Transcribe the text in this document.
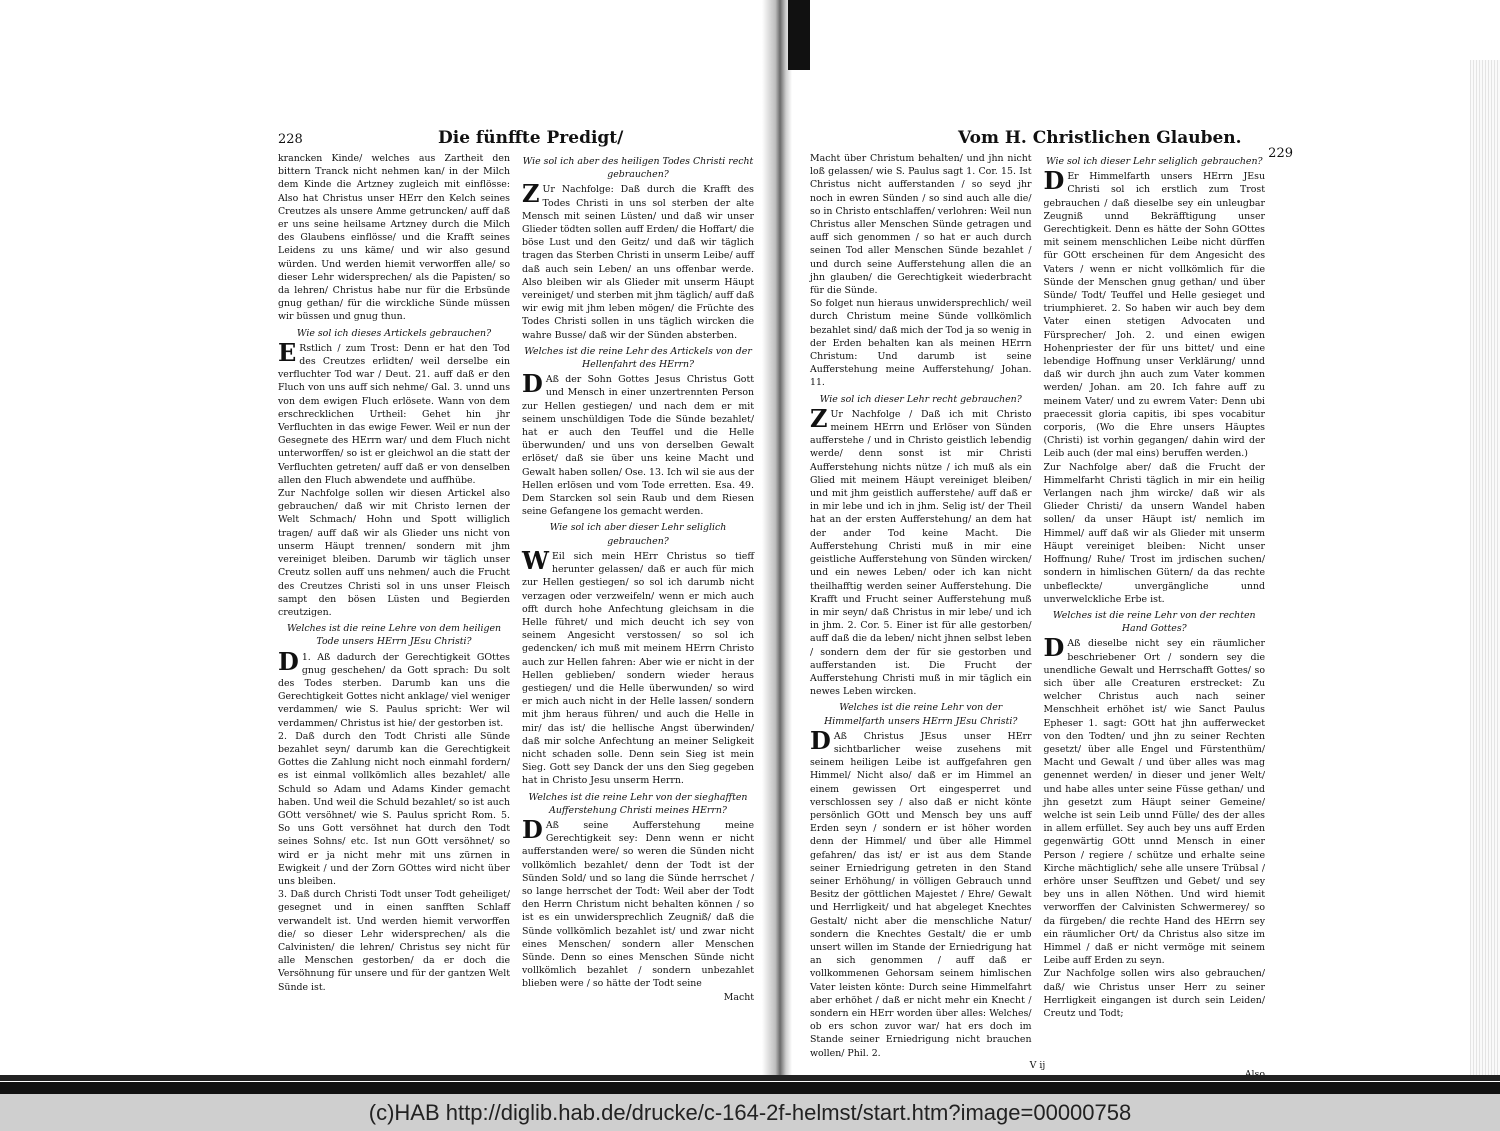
228	Die fünffte Predigt/

krancken Kinde/ welches aus Zartheit den bittern Tranck nicht nehmen kan/ in der Milch dem Kinde die Artzney zugleich mit einflösse: Also hat Christus unser HErr den Kelch seines Creutzes als unsere Amme getruncken/ auff daß er uns seine heilsame Artzney durch die Milch des Glaubens einflösse/ und die Krafft seines Leidens zu uns käme/ und wir also gesund würden. Und werden hiemit verworffen alle/ so dieser Lehr widersprechen/ als die Papisten/ so da lehren/ Christus habe nur für die Erbsünde gnug gethan/ für die wirckliche Sünde müssen wir büssen und gnug thun.

Wie sol ich dieses Artickels gebrauchen?

E Rstlich / zum Trost: Denn er hat den Tod des Creutzes erlidten/ weil derselbe ein verfluchter Tod war / Deut. 21. auff daß er den Fluch von uns auff sich nehme/ Gal. 3. unnd uns von dem ewigen Fluch erlösete. Wann von dem erschrecklichen Urtheil: Gehet hin jhr Verfluchten in das ewige Fewer. Weil er nun der Gesegnete des HErrn war/ und dem Fluch nicht unterworffen/ so ist er gleichwol an die statt der Verfluchten getreten/ auff daß er von denselben allen den Fluch abwendete und auffhübe.

Zur Nachfolge sollen wir diesen Artickel also gebrauchen/ daß wir mit Christo lernen der Welt Schmach/ Hohn und Spott williglich tragen/ auff daß wir als Glieder uns nicht von unserm Häupt trennen/ sondern mit jhm vereiniget bleiben. Darumb wir täglich unser Creutz sollen auff uns nehmen/ auch die Frucht des Creutzes Christi sol in uns unser Fleisch sampt den bösen Lüsten und Begierden creutzigen.

Welches ist die reine Lehre von dem heiligen Tode unsers HErrn JEsu Christi?

D 1. Aß dadurch der Gerechtigkeit GOttes gnug geschehen/ da Gott sprach: Du solt des Todes sterben. Darumb kan uns die Gerechtigkeit Gottes nicht anklage/ viel weniger verdammen/ wie S. Paulus spricht: Wer wil verdammen/ Christus ist hie/ der gestorben ist.

2. Daß durch den Todt Christi alle Sünde bezahlet seyn/ darumb kan die Gerechtigkeit Gottes die Zahlung nicht noch einmahl fordern/ es ist einmal vollkömlich alles bezahlet/ alle Schuld so Adam und Adams Kinder gemacht haben. Und weil die Schuld bezahlet/ so ist auch GOtt versöhnet/ wie S. Paulus spricht Rom. 5. So uns Gott versöhnet hat durch den Todt seines Sohns/ etc. Ist nun GOtt versöhnet/ so wird er ja nicht mehr mit uns zürnen in Ewigkeit / und der Zorn GOttes wird nicht über uns bleiben.

3. Daß durch Christi Todt unser Todt geheiliget/ gesegnet und in einen sanfften Schlaff verwandelt ist. Und werden hiemit verworffen die/ so dieser Lehr widersprechen/ als die Calvinisten/ die lehren/ Christus sey nicht für alle Menschen gestorben/ da er doch die Versöhnung für unsere und für der gantzen Welt Sünde ist.

Wie sol ich aber des heiligen Todes Christi recht gebrauchen?

Z Ur Nachfolge: Daß durch die Krafft des Todes Christi in uns sol sterben der alte Mensch mit seinen Lüsten/ und daß wir unser Glieder tödten sollen auff Erden/ die Hoffart/ die böse Lust und den Geitz/ und daß wir täglich tragen das Sterben Christi in unserm Leibe/ auff daß auch sein Leben/ an uns offenbar werde. Also bleiben wir als Glieder mit unserm Häupt vereiniget/ und sterben mit jhm täglich/ auff daß wir ewig mit jhm leben mögen/ die Früchte des Todes Christi sollen in uns täglich wircken die wahre Busse/ daß wir der Sünden absterben.

Welches ist die reine Lehr des Artickels von der Hellenfahrt des HErrn?

D Aß der Sohn Gottes Jesus Christus Gott und Mensch in einer unzertrennten Person zur Hellen gestiegen/ und nach dem er mit seinem unschüldigen Tode die Sünde bezahlet/ hat er auch den Teuffel und die Helle überwunden/ und uns von derselben Gewalt erlöset/ daß sie über uns keine Macht und Gewalt haben sollen/ Ose. 13. Ich wil sie aus der Hellen erlösen und vom Tode erretten. Esa. 49. Dem Starcken sol sein Raub und dem Riesen seine Gefangene los gemacht werden.

Wie sol ich aber dieser Lehr seliglich gebrauchen?

W Eil sich mein HErr Christus so tieff herunter gelassen/ daß er auch für mich zur Hellen gestiegen/ so sol ich darumb nicht verzagen oder verzweifeln/ wenn er mich auch offt durch hohe Anfechtung gleichsam in die Helle führet/ und mich deucht ich sey von seinem Angesicht verstossen/ so sol ich gedencken/ ich muß mit meinem HErrn Christo auch zur Hellen fahren: Aber wie er nicht in der Hellen geblieben/ sondern wieder heraus gestiegen/ und die Helle überwunden/ so wird er mich auch nicht in der Helle lassen/ sondern mit jhm heraus führen/ und auch die Helle in mir/ das ist/ die hellische Angst überwinden/ daß mir solche Anfechtung an meiner Seligkeit nicht schaden solle. Denn sein Sieg ist mein Sieg. Gott sey Danck der uns den Sieg gegeben hat in Christo Jesu unserm Herrn.

Welches ist die reine Lehr von der sieghafften Aufferstehung Christi meines HErrn?

D Aß seine Aufferstehung meine Gerechtigkeit sey: Denn wenn er nicht aufferstanden were/ so weren die Sünden nicht vollkömlich bezahlet/ denn der Todt ist der Sünden Sold/ und so lang die Sünde herrschet / so lange herrschet der Todt: Weil aber der Todt den Herrn Christum nicht behalten können / so ist es ein unwidersprechlich Zeugniß/ daß die Sünde vollkömlich bezahlet ist/ und zwar nicht eines Menschen/ sondern aller Menschen Sünde. Denn so eines Menschen Sünde nicht vollkömlich bezahlet / sondern unbezahlet blieben were / so hätte der Todt seine

Macht
Vom H. Christlichen Glauben.
229

Macht über Christum behalten/ und jhn nicht loß gelassen/ wie S. Paulus sagt 1. Cor. 15. Ist Christus nicht aufferstanden / so seyd jhr noch in ewren Sünden / so sind auch alle die/ so in Christo entschlaffen/ verlohren: Weil nun Christus aller Menschen Sünde getragen und auff sich genommen / so hat er auch durch seinen Tod aller Menschen Sünde bezahlet / und durch seine Aufferstehung allen die an jhn glauben/ die Gerechtigkeit wiederbracht für die Sünde.

So folget nun hieraus unwidersprechlich/ weil durch Christum meine Sünde vollkömlich bezahlet sind/ daß mich der Tod ja so wenig in der Erden behalten kan als meinen HErrn Christum: Und darumb ist seine Aufferstehung meine Aufferstehung/ Johan. 11.

Wie sol ich dieser Lehr recht gebrauchen?

Z Ur Nachfolge / Daß ich mit Christo meinem HErrn und Erlöser von Sünden aufferstehe / und in Christo geistlich lebendig werde/ denn sonst ist mir Christi Aufferstehung nichts nütze / ich muß als ein Glied mit meinem Häupt vereiniget bleiben/ und mit jhm geistlich aufferstehe/ auff daß er in mir lebe und ich in jhm. Selig ist/ der Theil hat an der ersten Aufferstehung/ an dem hat der ander Tod keine Macht. Die Aufferstehung Christi muß in mir eine geistliche Aufferstehung von Sünden wircken/ und ein newes Leben/ oder ich kan nicht theilhafftig werden seiner Aufferstehung. Die Krafft und Frucht seiner Aufferstehung muß in mir seyn/ daß Christus in mir lebe/ und ich in jhm. 2. Cor. 5. Einer ist für alle gestorben/ auff daß die da leben/ nicht jhnen selbst leben / sondern dem der für sie gestorben und aufferstanden ist. Die Frucht der Aufferstehung Christi muß in mir täglich ein newes Leben wircken.

Welches ist die reine Lehr von der Himmelfarth unsers HErrn JEsu Christi?

D Aß Christus JEsus unser HErr sichtbarlicher weise zusehens mit seinem heiligen Leibe ist auffgefahren gen Himmel/ Nicht also/ daß er im Himmel an einem gewissen Ort eingesperret und verschlossen sey / also daß er nicht könte persönlich GOtt und Mensch bey uns auff Erden seyn / sondern er ist höher worden denn der Himmel/ und über alle Himmel gefahren/ das ist/ er ist aus dem Stande seiner Erniedrigung getreten in den Stand seiner Erhöhung/ in völligen Gebrauch unnd Besitz der göttlichen Majestet / Ehre/ Gewalt und Herrligkeit/ und hat abgeleget Knechtes Gestalt/ nicht aber die menschliche Natur/ sondern die Knechtes Gestalt/ die er umb unsert willen im Stande der Erniedrigung hat an sich genommen / auff daß er vollkommenen Gehorsam seinem himlischen Vater leisten könte: Durch seine Himmelfahrt aber erhöhet / daß er nicht mehr ein Knecht / sondern ein HErr worden über alles: Welches/ ob ers schon zuvor war/ hat ers doch im Stande seiner Erniedrigung nicht brauchen wollen/ Phil. 2.

Wie sol ich dieser Lehr seliglich gebrauchen?

D Er Himmelfarth unsers HErrn JEsu Christi sol ich erstlich zum Trost gebrauchen / daß dieselbe sey ein unleugbar Zeugniß unnd Bekräfftigung unser Gerechtigkeit. Denn es hätte der Sohn GOttes mit seinem menschlichen Leibe nicht dürffen für GOtt erscheinen für dem Angesicht des Vaters / wenn er nicht vollkömlich für die Sünde der Menschen gnug gethan/ und über Sünde/ Todt/ Teuffel und Helle gesieget und triumphieret. 2. So haben wir auch bey dem Vater einen stetigen Advocaten und Fürsprecher/ Joh. 2. und einen ewigen Hohenpriester der für uns bittet/ und eine lebendige Hoffnung unser Verklärung/ unnd daß wir durch jhn auch zum Vater kommen werden/ Johan. am 20. Ich fahre auff zu meinem Vater/ und zu ewrem Vater: Denn ubi praecessit gloria capitis, ibi spes vocabitur corporis, (Wo die Ehre unsers Häuptes (Christi) ist vorhin gegangen/ dahin wird der Leib auch (der mal eins) beruffen werden.)

Zur Nachfolge aber/ daß die Frucht der Himmelfarht Christi täglich in mir ein heilig Verlangen nach jhm wircke/ daß wir als Glieder Christi/ da unsern Wandel haben sollen/ da unser Häupt ist/ nemlich im Himmel/ auff daß wir als Glieder mit unserm Häupt vereiniget bleiben: Nicht unser Hoffnung/ Ruhe/ Trost im jrdischen suchen/ sondern in himlischen Gütern/ da das rechte unbefleckte/ unvergängliche unnd unverwelckliche Erbe ist.

Welches ist die reine Lehr von der rechten Hand Gottes?

D Aß dieselbe nicht sey ein räumlicher beschriebener Ort / sondern sey die unendliche Gewalt und Herrschafft Gottes/ so sich über alle Creaturen erstrecket: Zu welcher Christus auch nach seiner Menschheit erhöhet ist/ wie Sanct Paulus Epheser 1. sagt: GOtt hat jhn aufferwecket von den Todten/ und jhn zu seiner Rechten gesetzt/ über alle Engel und Fürstenthüm/ Macht und Gewalt / und über alles was mag genennet werden/ in dieser und jener Welt/ und habe alles unter seine Füsse gethan/ und jhn gesetzt zum Häupt seiner Gemeine/ welche ist sein Leib unnd Fülle/ des der alles in allem erfüllet. Sey auch bey uns auff Erden gegenwärtig GOtt unnd Mensch in einer Person / regiere / schütze und erhalte seine Kirche mächtiglich/ sehe alle unsere Trübsal / erhöre unser Seufftzen und Gebet/ und sey bey uns in allen Nöthen. Und wird hiemit verworffen der Calvinisten Schwermerey/ so da fürgeben/ die rechte Hand des HErrn sey ein räumlicher Ort/ da Christus also sitze im Himmel / daß er nicht vermöge mit seinem Leibe auff Erden zu seyn.

Zur Nachfolge sollen wirs also gebrauchen/ daß/ wie Christus unser Herr zu seiner Herrligkeit eingangen ist durch sein Leiden/ Creutz und Todt;

V ij
(c)HAB http://diglib.hab.de/drucke/c-164-2f-helmst/start.htm?image=00000758
